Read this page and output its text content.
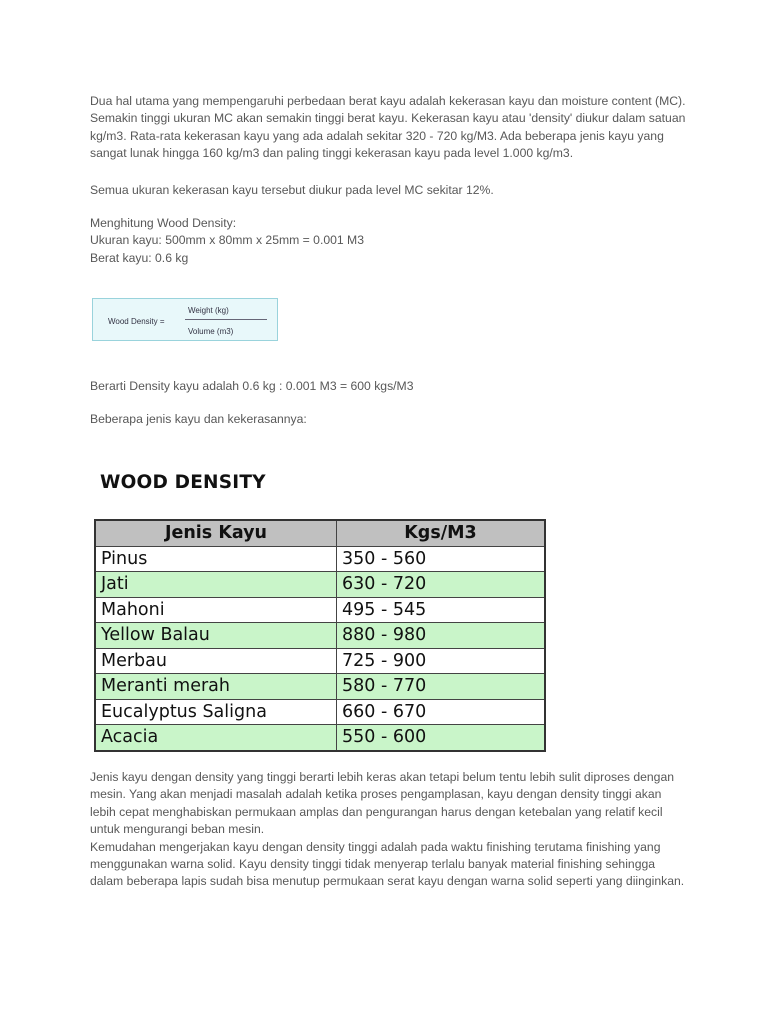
Dua hal utama yang mempengaruhi perbedaan berat kayu adalah kekerasan kayu dan moisture content (MC). Semakin tinggi ukuran MC akan semakin tinggi berat kayu. Kekerasan kayu atau 'density' diukur dalam satuan kg/m3. Rata-rata kekerasan kayu yang ada adalah sekitar 320 - 720 kg/M3. Ada beberapa jenis kayu yang sangat lunak hingga 160 kg/m3 dan paling tinggi kekerasan kayu pada level 1.000 kg/m3.

Semua ukuran kekerasan kayu tersebut diukur pada level MC sekitar 12%.

Menghitung Wood Density:

Ukuran kayu: 500mm x 80mm x 25mm = 0.001 M3

Berat kayu: 0.6 kg

Wood Density =
Weight (kg)
Volume (m3)

Berarti Density kayu adalah 0.6 kg : 0.001 M3 = 600 kgs/M3

Beberapa jenis kayu dan kekerasannya:

WOOD DENSITY
Jenis Kayu	Kgs/M3
Pinus	350 - 560
Jati	630 - 720
Mahoni	495 - 545
Yellow Balau	880 - 980
Merbau	725 - 900
Meranti merah	580 - 770
Eucalyptus Saligna	660 - 670
Acacia	550 - 600

Jenis kayu dengan density yang tinggi berarti lebih keras akan tetapi belum tentu lebih sulit diproses dengan mesin. Yang akan menjadi masalah adalah ketika proses pengamplasan, kayu dengan density tinggi akan lebih cepat menghabiskan permukaan amplas dan pengurangan harus dengan ketebalan yang relatif kecil untuk mengurangi beban mesin.

Kemudahan mengerjakan kayu dengan density tinggi adalah pada waktu finishing terutama finishing yang menggunakan warna solid. Kayu density tinggi tidak menyerap terlalu banyak material finishing sehingga dalam beberapa lapis sudah bisa menutup permukaan serat kayu dengan warna solid seperti yang diinginkan.
